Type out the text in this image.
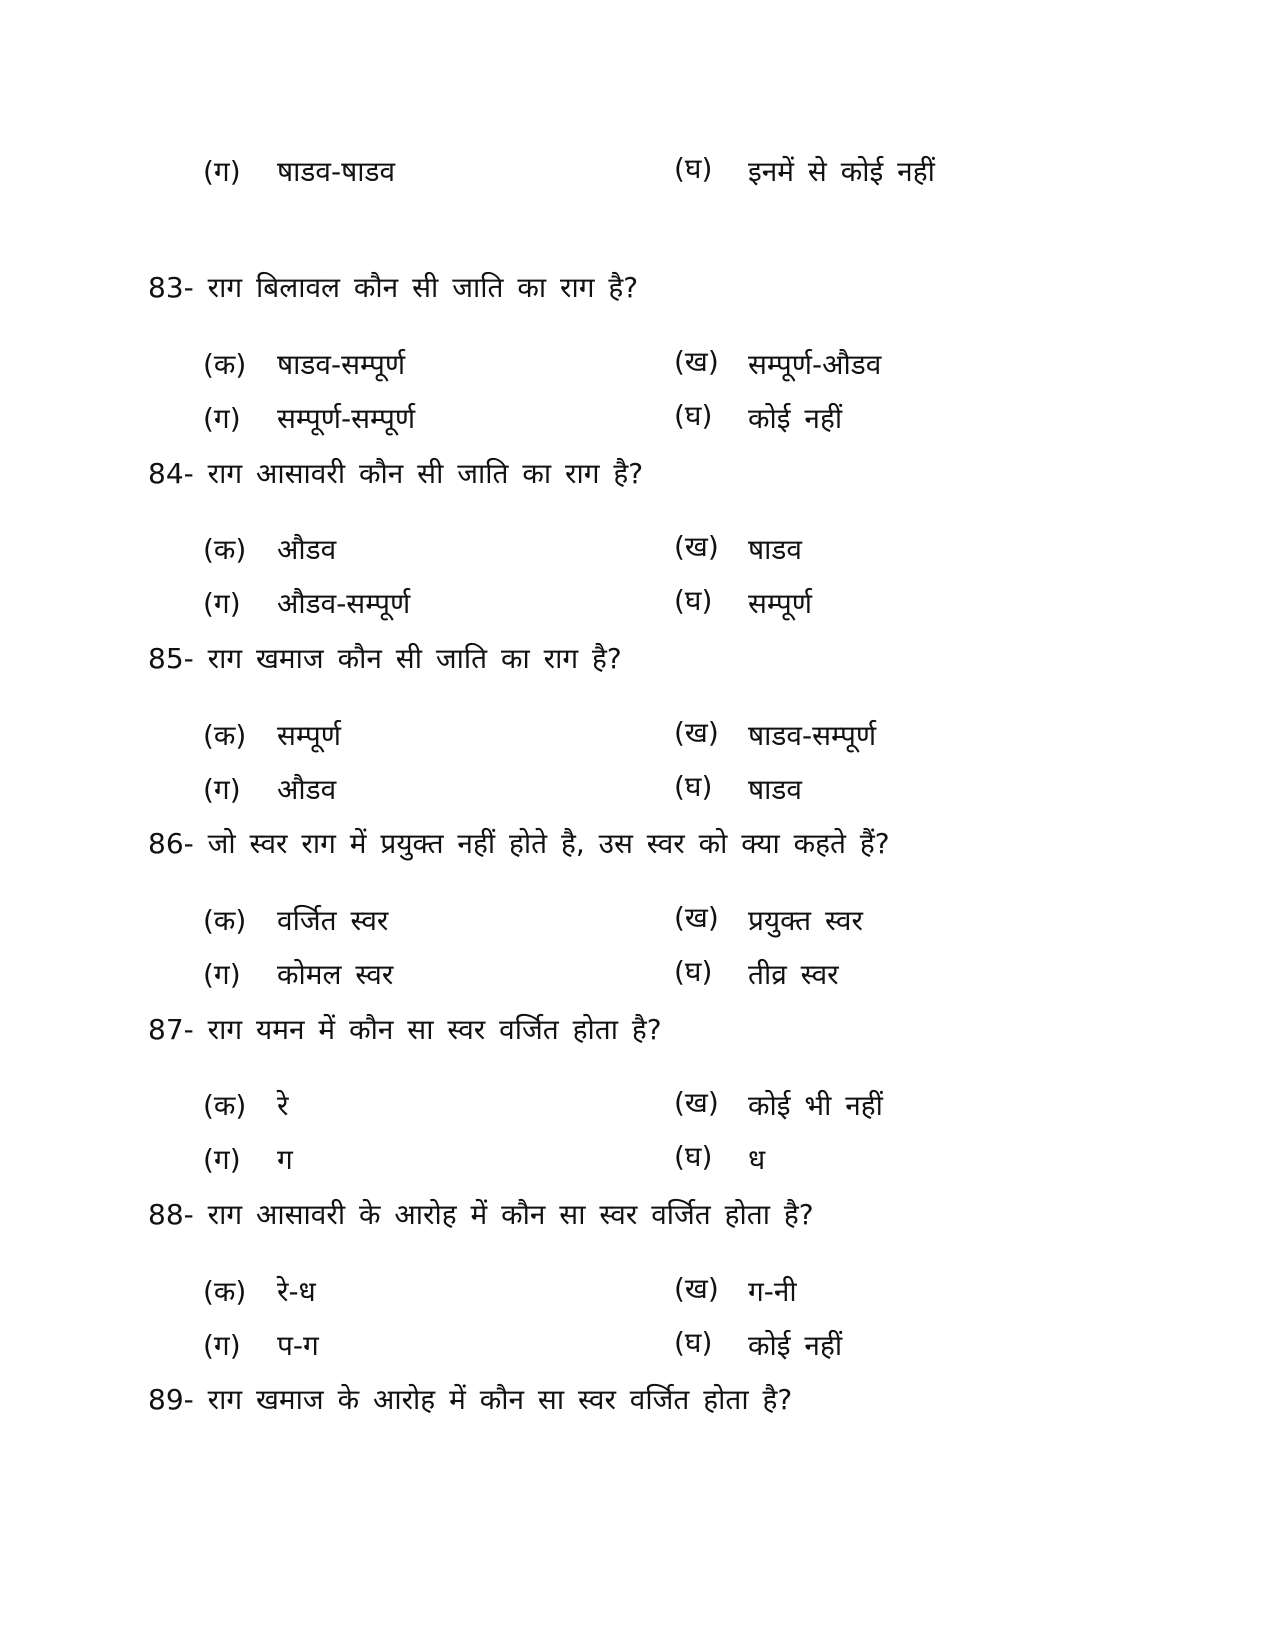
(ग) षाडव-षाडव	(घ) इनमें से कोई नहीं
83- राग बिलावल कौन सी जाति का राग है?
(क) षाडव-सम्पूर्ण	(ख) सम्पूर्ण-औडव
(ग) सम्पूर्ण-सम्पूर्ण	(घ) कोई नहीं
84- राग आसावरी कौन सी जाति का राग है?
(क) औडव	(ख) षाडव
(ग) औडव-सम्पूर्ण	(घ) सम्पूर्ण
85- राग खमाज कौन सी जाति का राग है?
(क) सम्पूर्ण	(ख) षाडव-सम्पूर्ण
(ग) औडव	(घ) षाडव
86- जो स्वर राग में प्रयुक्त नहीं होते है, उस स्वर को क्या कहते हैं?
(क) वर्जित स्वर	(ख) प्रयुक्त स्वर
(ग) कोमल स्वर	(घ) तीव्र स्वर
87- राग यमन में कौन सा स्वर वर्जित होता है?
(क) रे	(ख) कोई भी नहीं
(ग) ग	(घ) ध
88- राग आसावरी के आरोह में कौन सा स्वर वर्जित होता है?
(क) रे-ध	(ख) ग-नी
(ग) प-ग	(घ) कोई नहीं
89- राग खमाज के आरोह में कौन सा स्वर वर्जित होता है?
